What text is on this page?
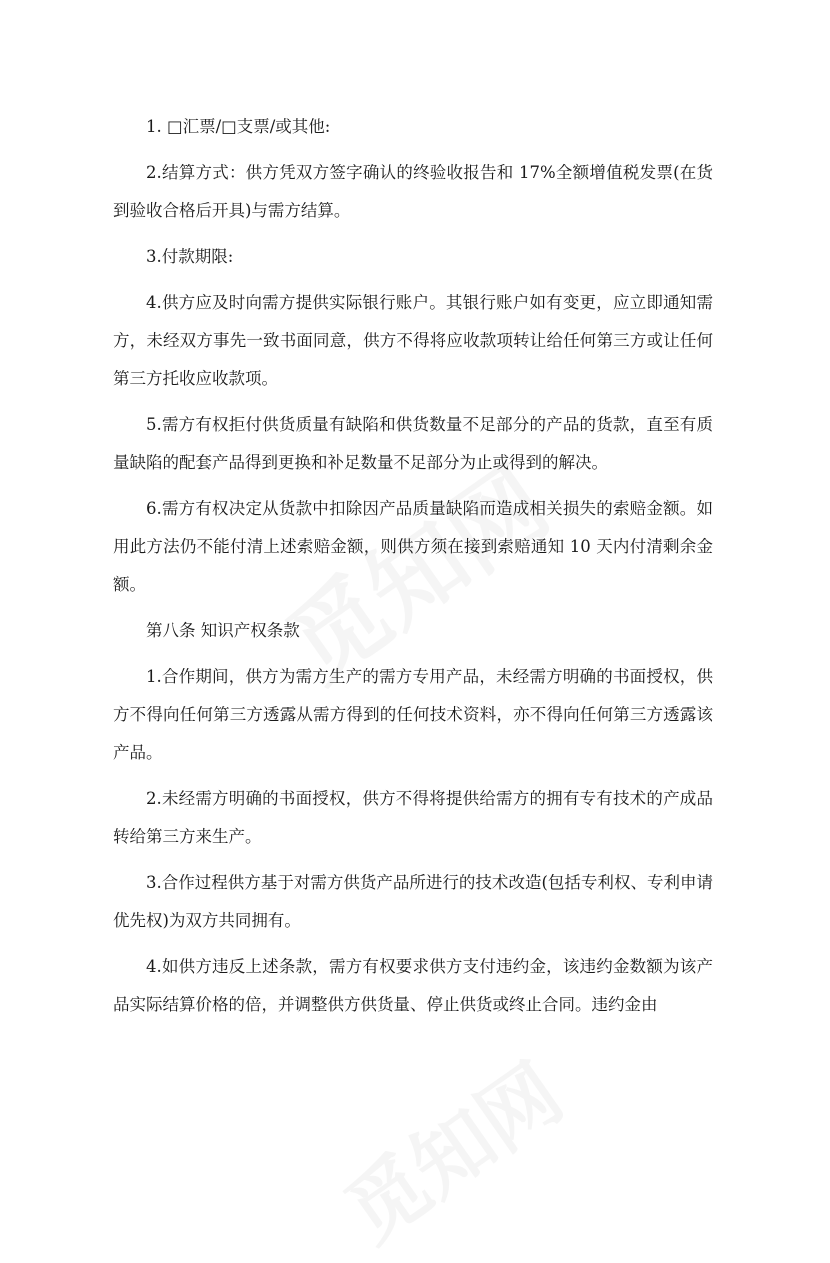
1. □汇票/□支票/或其他:

2.结算方式：供方凭双方签字确认的终验收报告和 17%全额增值税发票(在货到验收合格后开具)与需方结算。

3.付款期限:

4.供方应及时向需方提供实际银行账户。其银行账户如有变更，应立即通知需方，未经双方事先一致书面同意，供方不得将应收款项转让给任何第三方或让任何第三方托收应收款项。

5.需方有权拒付供货质量有缺陷和供货数量不足部分的产品的货款，直至有质量缺陷的配套产品得到更换和补足数量不足部分为止或得到的解决。

6.需方有权决定从货款中扣除因产品质量缺陷而造成相关损失的索赔金额。如用此方法仍不能付清上述索赔金额，则供方须在接到索赔通知 10 天内付清剩余金额。

第八条 知识产权条款

1.合作期间，供方为需方生产的需方专用产品，未经需方明确的书面授权，供方不得向任何第三方透露从需方得到的任何技术资料，亦不得向任何第三方透露该产品。

2.未经需方明确的书面授权，供方不得将提供给需方的拥有专有技术的产成品转给第三方来生产。

3.合作过程供方基于对需方供货产品所进行的技术改造(包括专利权、专利申请优先权)为双方共同拥有。

4.如供方违反上述条款，需方有权要求供方支付违约金，该违约金数额为该产品实际结算价格的倍，并调整供方供货量、停止供货或终止合同。违约金由
